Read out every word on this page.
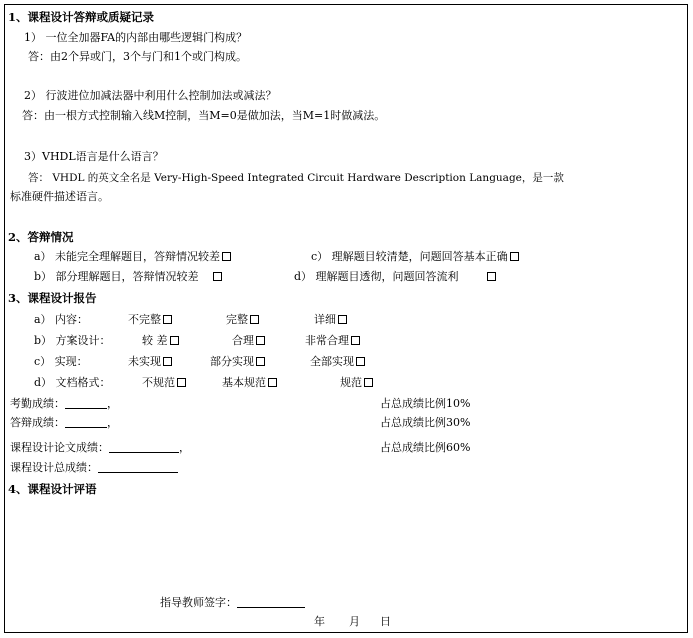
1、课程设计答辩或质疑记录
1） 一位全加器FA的内部由哪些逻辑门构成？
答：由2个异或门，3个与门和1个或门构成。
2） 行波进位加减法器中利用什么控制加法或减法？
答：由一根方式控制输入线M控制，当M=0是做加法，当M=1时做减法。
3）VHDL语言是什么语言？
答： VHDL 的英文全名是 Very-High-Speed Integrated Circuit Hardware Description Language，是一款
标准硬件描述语言。
2、答辩情况
a） 未能完全理解题目，答辩情况较差	c） 理解题目较清楚，问题回答基本正确
b） 部分理解题目，答辩情况较差	d） 理解题目透彻，问题回答流利
3、课程设计报告
a） 内容：	不完整	完整	详细
b） 方案设计：	较 差	合理	非常合理
c） 实现：	未实现	部分实现	全部实现
d） 文档格式：	不规范	基本规范	规范
考勤成绩：	，	占总成绩比例10%
答辩成绩：	，	占总成绩比例30%
课程设计论文成绩：	，	占总成绩比例60%
课程设计总成绩：
4、课程设计评语
指导教师签字：
年 月 日
